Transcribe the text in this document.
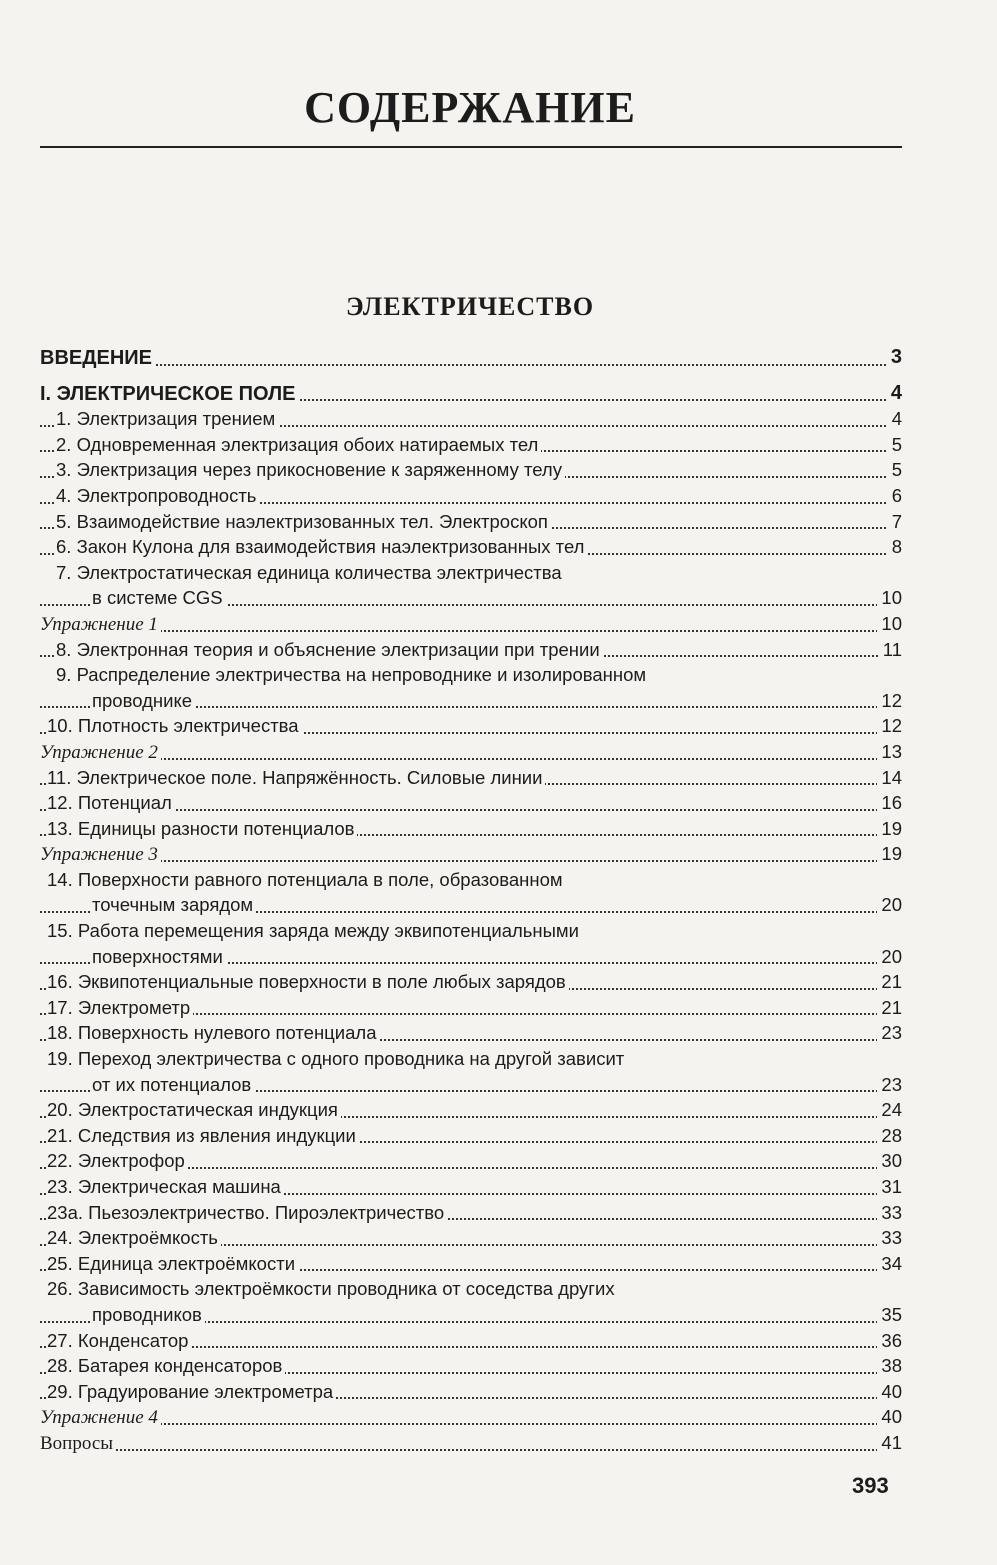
СОДЕРЖАНИЕ
ЭЛЕКТРИЧЕСТВО
ВВЕДЕНИЕ	3
I. ЭЛЕКТРИЧЕСКОЕ ПОЛЕ	4
1. Электризация трением	4
2. Одновременная электризация обоих натираемых тел	5
3. Электризация через прикосновение к заряженному телу	5
4. Электропроводность	6
5. Взаимодействие наэлектризованных тел. Электроскоп	7
6. Закон Кулона для взаимодействия наэлектризованных тел	8
7. Электростатическая единица количества электричества
в системе CGS	10
Упражнение 1	10
8. Электронная теория и объяснение электризации при трении	11
9. Распределение электричества на непроводнике и изолированном
проводнике	12
10. Плотность электричества	12
Упражнение 2	13
11. Электрическое поле. Напряжённость. Силовые линии	14
12. Потенциал	16
13. Единицы разности потенциалов	19
Упражнение 3	19
14. Поверхности равного потенциала в поле, образованном
точечным зарядом	20
15. Работа перемещения заряда между эквипотенциальными
поверхностями	20
16. Эквипотенциальные поверхности в поле любых зарядов	21
17. Электрометр	21
18. Поверхность нулевого потенциала	23
19. Переход электричества с одного проводника на другой зависит
от их потенциалов	23
20. Электростатическая индукция	24
21. Следствия из явления индукции	28
22. Электрофор	30
23. Электрическая машина	31
23а. Пьезоэлектричество. Пироэлектричество	33
24. Электроёмкость	33
25. Единица электроёмкости	34
26. Зависимость электроёмкости проводника от соседства других
проводников	35
27. Конденсатор	36
28. Батарея конденсаторов	38
29. Градуирование электрометра	40
Упражнение 4	40
Вопросы	41
393
